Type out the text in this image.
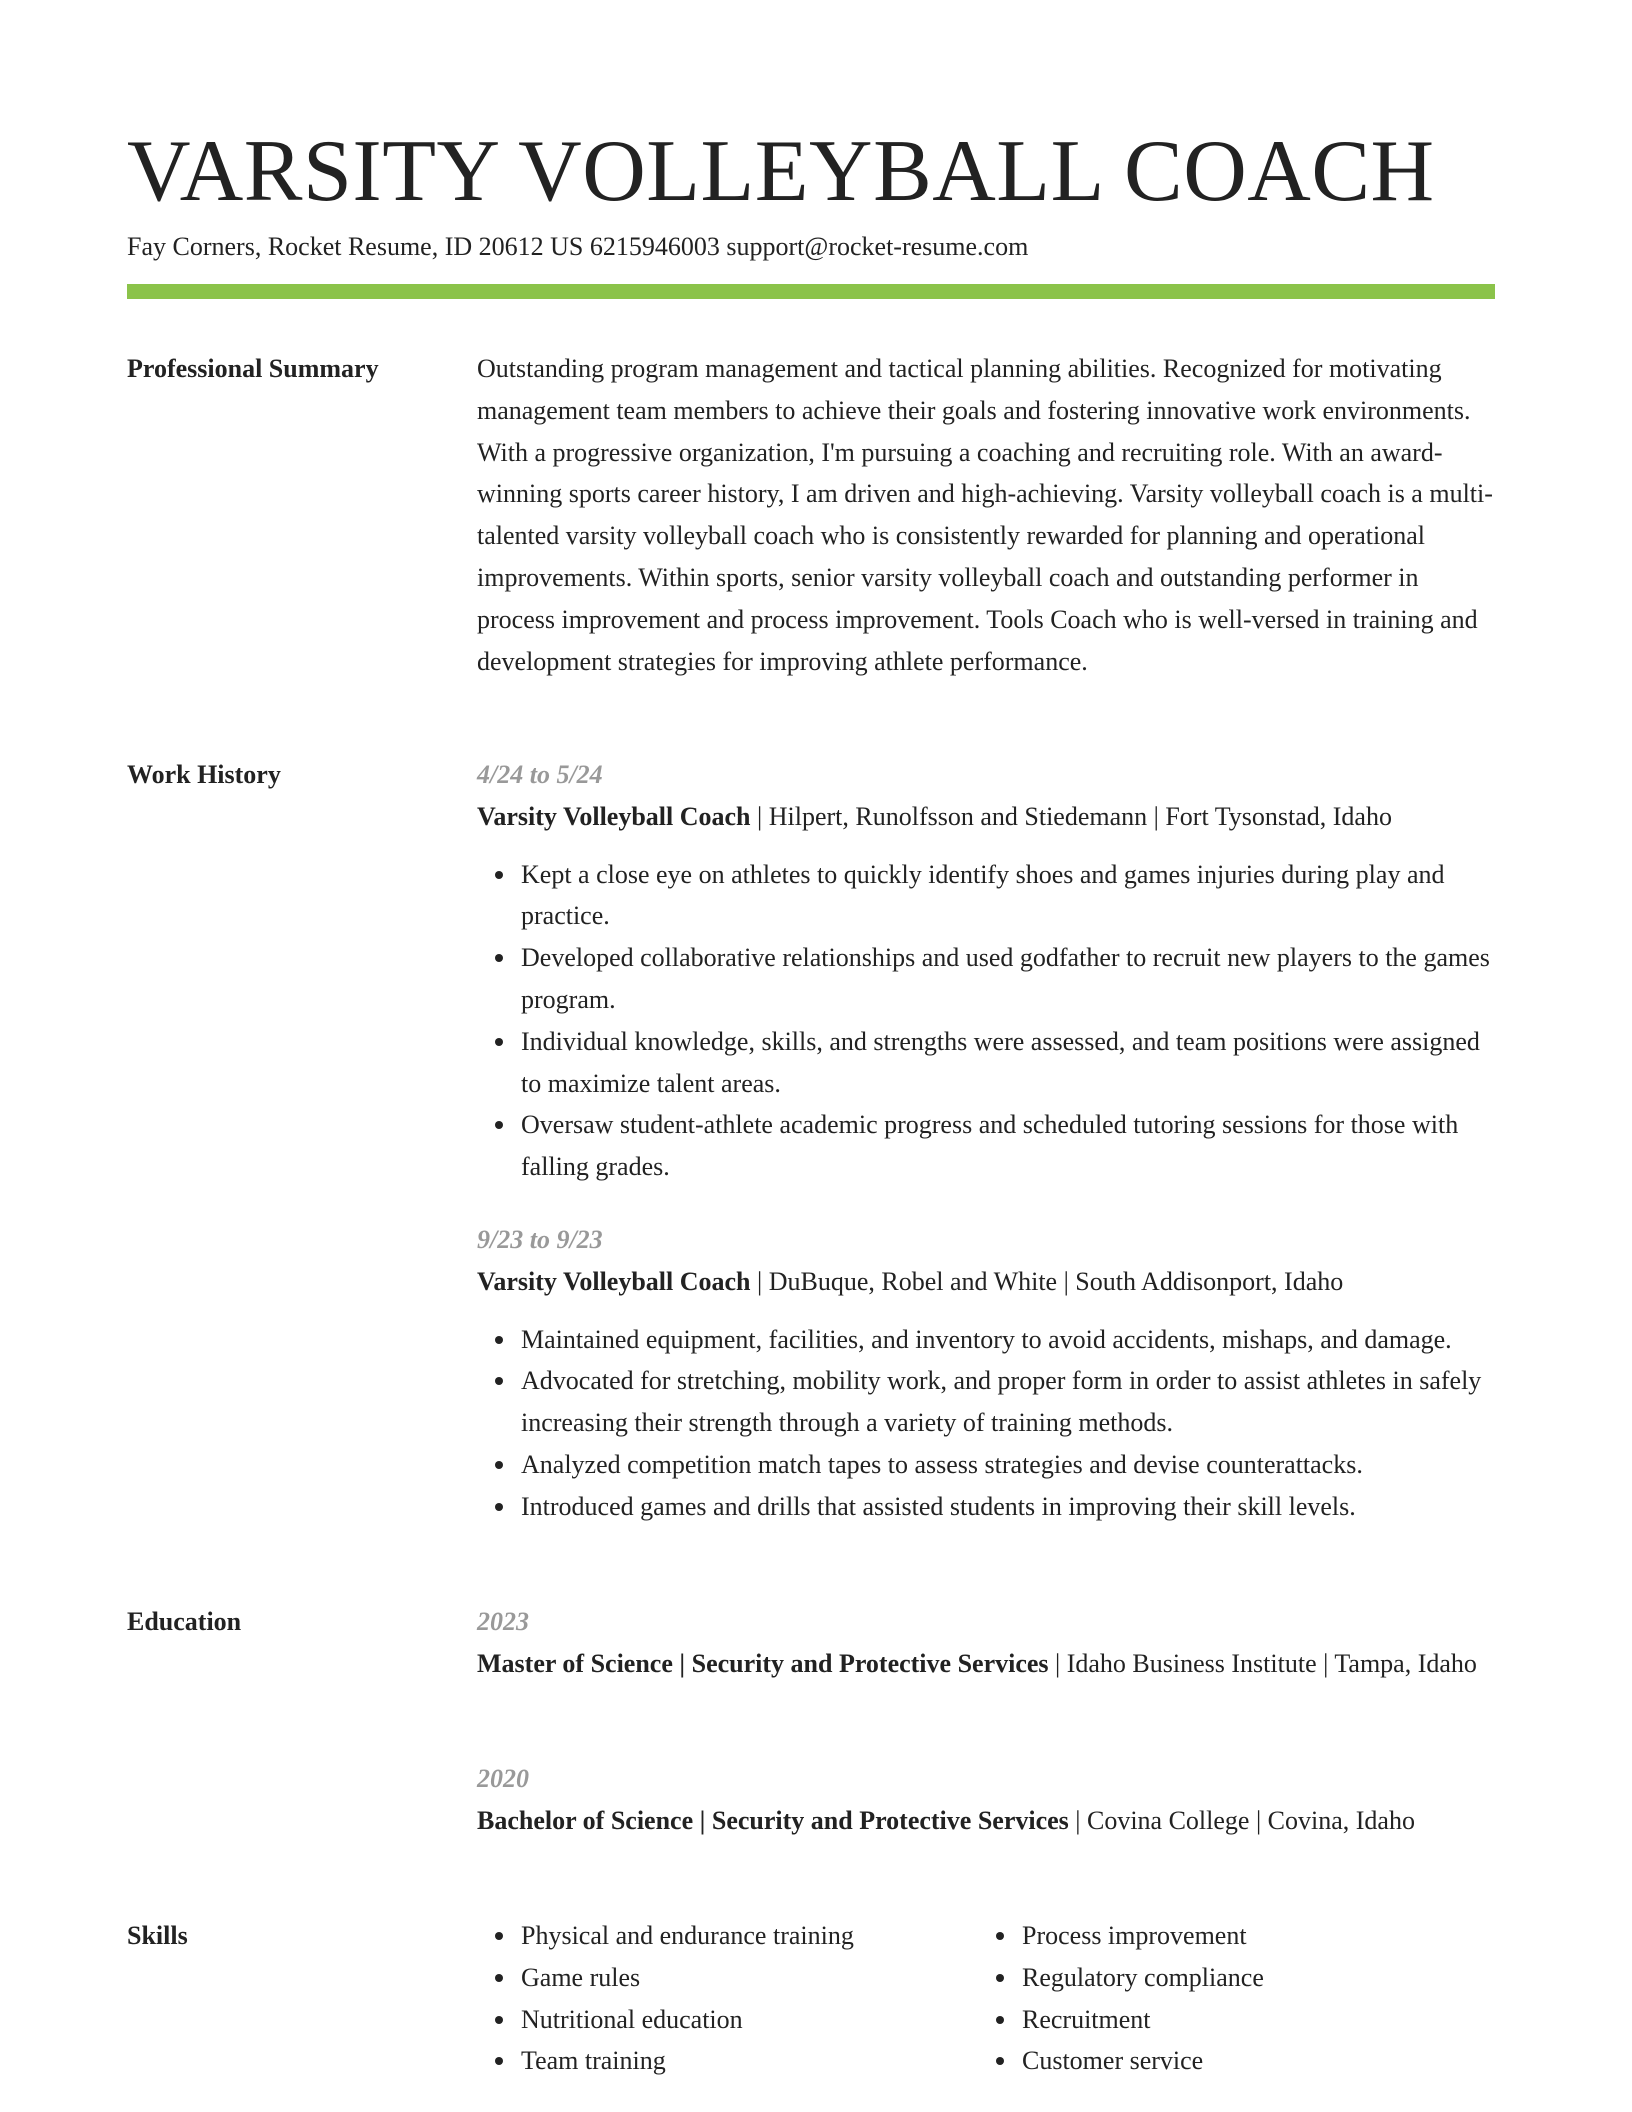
VARSITY VOLLEYBALL COACH
Fay Corners, Rocket Resume, ID 20612 US 6215946003 support@rocket-resume.com
Professional Summary	Outstanding program management and tactical planning abilities. Recognized for motivating management team members to achieve their goals and fostering innovative work environments. With a progressive organization, I'm pursuing a coaching and recruiting role. With an award-winning sports career history, I am driven and high-achieving. Varsity volleyball coach is a multi-talented varsity volleyball coach who is consistently rewarded for planning and operational improvements. Within sports, senior varsity volleyball coach and outstanding performer in process improvement and process improvement. Tools Coach who is well-versed in training and development strategies for improving athlete performance.

Work History	4/24 to 5/24
Varsity Volleyball Coach | Hilpert, Runolfsson and Stiedemann | Fort Tysonstad, Idaho
Kept a close eye on athletes to quickly identify shoes and games injuries during play and practice.
Developed collaborative relationships and used godfather to recruit new players to the games program.
Individual knowledge, skills, and strengths were assessed, and team positions were assigned to maximize talent areas.
Oversaw student-athlete academic progress and scheduled tutoring sessions for those with falling grades.
9/23 to 9/23
Varsity Volleyball Coach | DuBuque, Robel and White | South Addisonport, Idaho
Maintained equipment, facilities, and inventory to avoid accidents, mishaps, and damage.
Advocated for stretching, mobility work, and proper form in order to assist athletes in safely increasing their strength through a variety of training methods.
Analyzed competition match tapes to assess strategies and devise counterattacks.
Introduced games and drills that assisted students in improving their skill levels.
Education	2023
Master of Science | Security and Protective Services | Idaho Business Institute | Tampa, Idaho
2020
Bachelor of Science | Security and Protective Services | Covina College | Covina, Idaho
Skills	Physical and endurance training
Game rules
Nutritional education
Team training
Process improvement
Regulatory compliance
Recruitment
Customer service
